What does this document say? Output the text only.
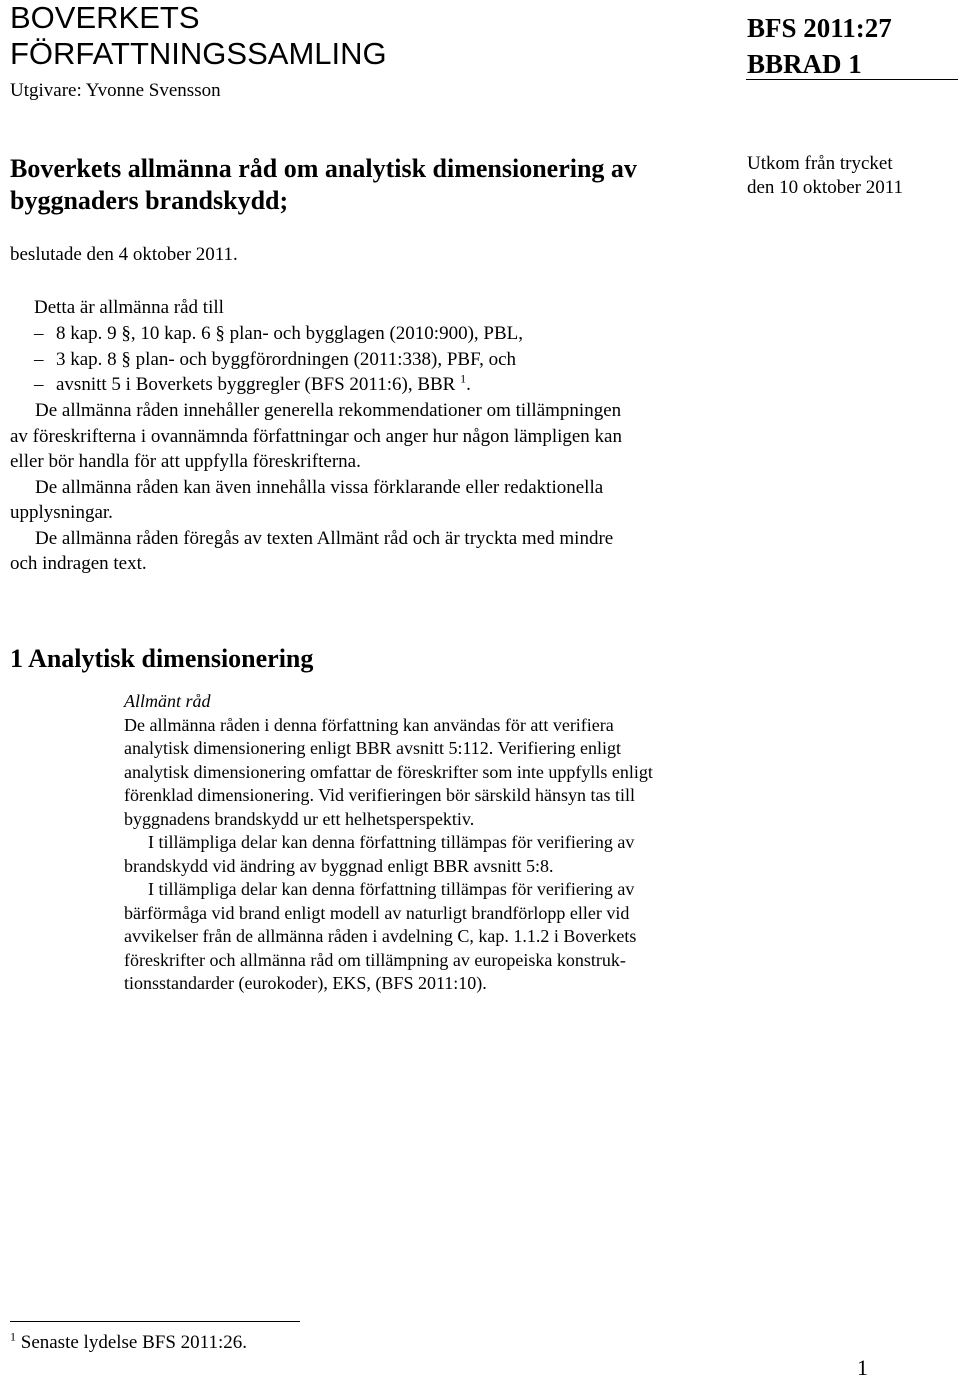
BOVERKETS
FÖRFATTNINGSSAMLING
Utgivare: Yvonne Svensson
BFS 2011:27
BBRAD 1
Boverkets allmänna råd om analytisk dimensionering av
byggnaders brandskydd;
Utkom från trycket
den 10 oktober 2011
beslutade den 4 oktober 2011.
Detta är allmänna råd till
– 8 kap. 9 §, 10 kap. 6 § plan- och bygglagen (2010:900), PBL,
– 3 kap. 8 § plan- och byggförordningen (2011:338), PBF, och
– avsnitt 5 i Boverkets byggregler (BFS 2011:6), BBR $^1$.
De allmänna råden innehåller generella rekommendationer om tillämpningen
av föreskrifterna i ovannämnda författningar och anger hur någon lämpligen kan
eller bör handla för att uppfylla föreskrifterna.
De allmänna råden kan även innehålla vissa förklarande eller redaktionella
upplysningar.
De allmänna råden föregås av texten Allmänt råd och är tryckta med mindre
och indragen text.
1 Analytisk dimensionering
Allmänt råd
De allmänna råden i denna författning kan användas för att verifiera
analytisk dimensionering enligt BBR avsnitt 5:112. Verifiering enligt
analytisk dimensionering omfattar de föreskrifter som inte uppfylls enligt
förenklad dimensionering. Vid verifieringen bör särskild hänsyn tas till
byggnadens brandskydd ur ett helhetsperspektiv.
I tillämpliga delar kan denna författning tillämpas för verifiering av
brandskydd vid ändring av byggnad enligt BBR avsnitt 5:8.
I tillämpliga delar kan denna författning tillämpas för verifiering av
bärförmåga vid brand enligt modell av naturligt brandförlopp eller vid
avvikelser från de allmänna råden i avdelning C, kap. 1.1.2 i Boverkets
föreskrifter och allmänna råd om tillämpning av europeiska konstruk-
tionsstandarder (eurokoder), EKS, (BFS 2011:10).
$^1$ Senaste lydelse BFS 2011:26.
1
